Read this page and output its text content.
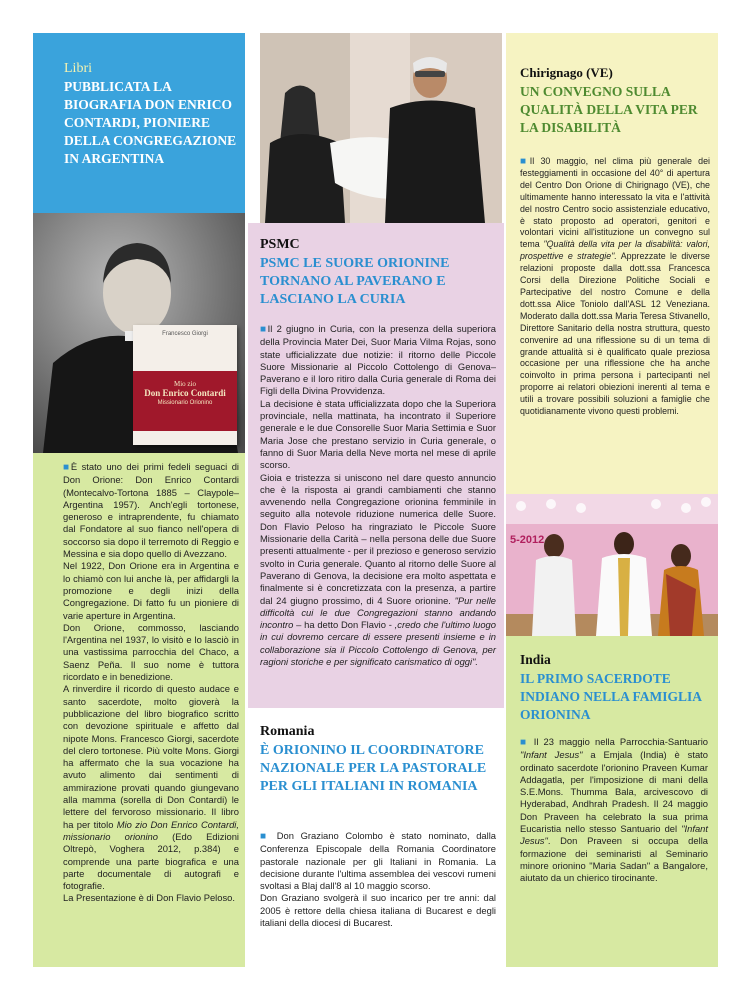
Libri
PUBBLICATA LA BIOGRAFIA DON ENRICO CONTARDI, PIONIERE DELLA CONGREGAZIONE IN ARGENTINA
Francesco Giorgi
Mio zio
Don Enrico Contardi
Missionario Orionino

■È stato uno dei primi fedeli seguaci di Don Orione: Don Enrico Contardi (Montecalvo-Tortona 1885 – Claypole–Argentina 1957). Anch'egli tortonese, generoso e intraprendente, fu chiamato dal Fondatore al suo fianco nell'opera di soccorso sia dopo il terremoto di Reggio e Messina e sia dopo quello di Avezzano.

Nel 1922, Don Orione era in Argentina e lo chiamò con lui anche là, per affidargli la promozione e degli inizi della Congregazione. Di fatto fu un pioniere di varie aperture in Argentina.

Don Orione, commosso, lasciando l'Argentina nel 1937, lo visitò e lo lasciò in una vastissima parrocchia del Chaco, a Saenz Peña. Il suo nome è tuttora ricordato e in benedizione.

A rinverdire il ricordo di questo audace e santo sacerdote, molto gioverà la pubblicazione del libro biografico scritto con devozione spirituale e affetto dal nipote Mons. Francesco Giorgi, sacerdote del clero tortonese. Più volte Mons. Giorgi ha affermato che la sua vocazione ha avuto alimento dai sentimenti di ammirazione provati quando giungevano alla mamma (sorella di Don Contardi) le lettere del fervoroso missionario. Il libro ha per titolo Mio zio Don Enrico Contardi, missionario orionino (Edo Edizioni Oltrepò, Voghera 2012, p.384) e comprende una parte biografica e una parte documentale di autografi e fotografie.

La Presentazione è di Don Flavio Peloso.

PSMC
PSMC LE SUORE ORIONINE TORNANO AL PAVERANO E LASCIANO LA CURIA

■Il 2 giugno in Curia, con la presenza della superiora della Provincia Mater Dei, Suor Maria Vilma Rojas, sono state ufficializzate due notizie: il ritorno delle Piccole Suore Missionarie al Piccolo Cottolengo di Genova–Paverano e il loro ritiro dalla Curia generale di Roma dei Figli della Divina Provvidenza.

La decisione è stata ufficializzata dopo che la Superiora provinciale, nella mattinata, ha incontrato il Superiore generale e le due Consorelle Suor Maria Settimia e Suor Maria Jose che prestano servizio in Curia generale, o fanno di Suor Maria della Neve morta nel mese di aprile scorso.

Gioia e tristezza si uniscono nel dare questo annuncio che è la risposta ai grandi cambiamenti che stanno avvenendo nella Congregazione orionina femminile in seguito alla notevole riduzione numerica delle Suore. Don Flavio Peloso ha ringraziato le Piccole Suore Missionarie della Carità – nella persona delle due Suore presenti attualmente - per il prezioso e generoso servizio svolto in Curia generale. Quanto al ritorno delle Suore al Paverano di Genova, la decisione era molto aspettata e finalmente si è concretizzata con la presenza, a partire dal 24 giugno prossimo, di 4 Suore orionine. "Pur nelle difficoltà cui le due Congregazioni stanno andando incontro – ha detto Don Flavio - ,credo che l'ultimo luogo in cui dovremo cercare di essere presenti insieme e in collaborazione sia il Piccolo Cottolengo di Genova, per ragioni storiche e per significato carismatico di oggi".

Romania
È ORIONINO IL COORDINATORE NAZIONALE PER LA PASTORALE PER GLI ITALIANI IN ROMANIA

■ Don Graziano Colombo è stato nominato, dalla Conferenza Episcopale della Romania Coordinatore pastorale nazionale per gli Italiani in Romania. La decisione durante l'ultima assemblea dei vescovi rumeni svoltasi a Blaj dall'8 al 10 maggio scorso.

Don Graziano svolgerà il suo incarico per tre anni: dal 2005 è rettore della chiesa italiana di Bucarest e degli italiani della diocesi di Bucarest.

Chirignago (VE)
UN CONVEGNO SULLA QUALITÀ DELLA VITA PER LA DISABILITÀ

■Il 30 maggio, nel clima più generale dei festeggiamenti in occasione del 40° di apertura del Centro Don Orione di Chirignago (VE), che ultimamente hanno interessato la vita e l'attività del nostro Centro socio assistenziale educativo, è stato proposto ad operatori, genitori e volontari vicini all'istituzione un convegno sul tema "Qualità della vita per la disabilità: valori, prospettive e strategie". Apprezzate le diverse relazioni proposte dalla dott.ssa Francesca Corsi della Direzione Politiche Sociali e Partecipative del nostro Comune e della dott.ssa Alice Toniolo dall'ASL 12 Veneziana. Moderato dalla dott.ssa Maria Teresa Stivanello, Direttore Sanitario della nostra struttura, questo convenire ad una riflessione su di un tema di grande attualità si è qualificato quale preziosa occasione per una riflessione che ha anche coinvolto in prima persona i partecipanti nel proporre ai relatori obiezioni inerenti al tema e utili a trovare possibili soluzioni a famiglie che quotidianamente vivono questi problemi.

5-2012
India
IL PRIMO SACERDOTE INDIANO NELLA FAMIGLIA ORIONINA

■ Il 23 maggio nella Parrocchia-Santuario "Infant Jesus" a Emjala (India) è stato ordinato sacerdote l'orionino Praveen Kumar Addagatla, per l'imposizione di mani della S.E.Mons. Thumma Bala, arcivescovo di Hyderabad, Andhrah Pradesh. Il 24 maggio Don Praveen ha celebrato la sua prima Eucaristia nello stesso Santuario del "Infant Jesus". Don Praveen si occupa della formazione dei seminaristi al Seminario minore orionino "Maria Sadan" a Bangalore, aiutato da un chierico tirocinante.
